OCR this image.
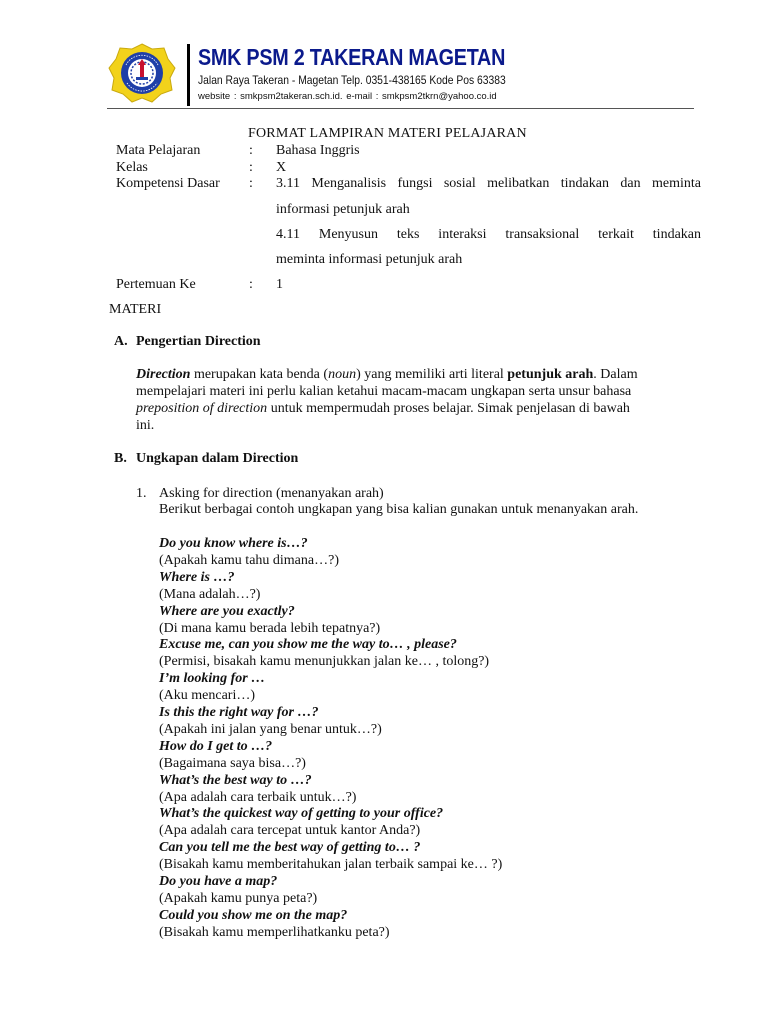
SMK PSM 2 TAKERAN MAGETAN
Jalan Raya Takeran - Magetan Telp. 0351-438165 Kode Pos 63383
website : smkpsm2takeran.sch.id. e-mail : smkpsm2tkrn@yahoo.co.id
FORMAT LAMPIRAN MATERI PELAJARAN
Mata Pelajaran	: Bahasa Inggris
Kelas	: X
Kompetensi Dasar : 3.11 Menganalisis fungsi sosial melibatkan tindakan dan meminta
informasi petunjuk arah
4.11 Menyusun teks interaksi transaksional terkait tindakan
meminta informasi petunjuk arah
Pertemuan Ke	: 1
MATERI
A. Pengertian Direction
Direction merupakan kata benda (noun) yang memiliki arti literal petunjuk arah. Dalam
mempelajari materi ini perlu kalian ketahui macam-macam ungkapan serta unsur bahasa
preposition of direction untuk mempermudah proses belajar. Simak penjelasan di bawah
ini.
B. Ungkapan dalam Direction
1. Asking for direction (menanyakan arah)
Berikut berbagai contoh ungkapan yang bisa kalian gunakan untuk menanyakan arah.
Do you know where is…?
(Apakah kamu tahu dimana…?)
Where is …?
(Mana adalah…?)
Where are you exactly?
(Di mana kamu berada lebih tepatnya?)
Excuse me, can you show me the way to… , please?
(Permisi, bisakah kamu menunjukkan jalan ke… , tolong?)
I’m looking for …
(Aku mencari…)
Is this the right way for …?
(Apakah ini jalan yang benar untuk…?)
How do I get to …?
(Bagaimana saya bisa…?)
What’s the best way to …?
(Apa adalah cara terbaik untuk…?)
What’s the quickest way of getting to your office?
(Apa adalah cara tercepat untuk kantor Anda?)
Can you tell me the best way of getting to… ?
(Bisakah kamu memberitahukan jalan terbaik sampai ke… ?)
Do you have a map?
(Apakah kamu punya peta?)
Could you show me on the map?
(Bisakah kamu memperlihatkanku peta?)
